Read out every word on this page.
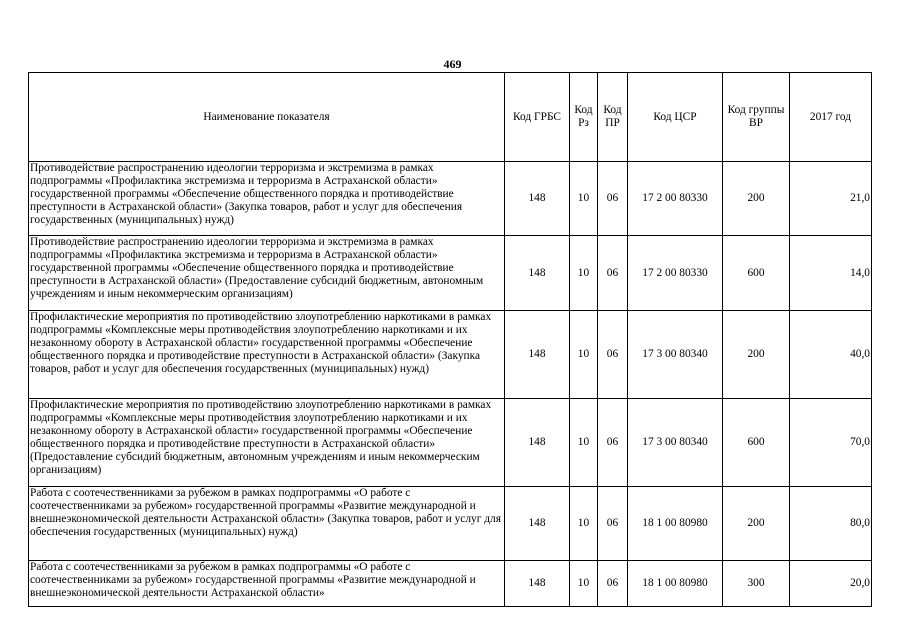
469
Наименование показателя	Код ГРБС	Код Рз	Код ПР	Код ЦСР	Код группы ВР	2017 год
Противодействие распространению идеологии терроризма и экстремизма в рамках подпрограммы «Профилактика экстремизма и терроризма в Астраханской области» государственной программы «Обеспечение общественного порядка и противодействие преступности в Астраханской области» (Закупка товаров, работ и услуг для обеспечения государственных (муниципальных) нужд)	148	10	06	17 2 00 80330	200	21,0
Противодействие распространению идеологии терроризма и экстремизма в рамках подпрограммы «Профилактика экстремизма и терроризма в Астраханской области» государственной программы «Обеспечение общественного порядка и противодействие преступности в Астраханской области» (Предоставление субсидий бюджетным, автономным учреждениям и иным некоммерческим организациям)	148	10	06	17 2 00 80330	600	14,0
Профилактические мероприятия по противодействию злоупотреблению наркотиками в рамках подпрограммы «Комплексные меры противодействия злоупотреблению наркотиками и их незаконному обороту в Астраханской области» государственной программы «Обеспечение общественного порядка и противодействие преступности в Астраханской области» (Закупка товаров, работ и услуг для обеспечения государственных (муниципальных) нужд)	148	10	06	17 3 00 80340	200	40,0
Профилактические мероприятия по противодействию злоупотреблению наркотиками в рамках подпрограммы «Комплексные меры противодействия злоупотреблению наркотиками и их незаконному обороту в Астраханской области» государственной программы «Обеспечение общественного порядка и противодействие преступности в Астраханской области» (Предоставление субсидий бюджетным, автономным учреждениям и иным некоммерческим организациям)	148	10	06	17 3 00 80340	600	70,0
Работа с соотечественниками за рубежом в рамках подпрограммы «О работе с соотечественниками за рубежом» государственной программы «Развитие международной и внешнеэкономической деятельности Астраханской области» (Закупка товаров, работ и услуг для обеспечения государственных (муниципальных) нужд)	148	10	06	18 1 00 80980	200	80,0
Работа с соотечественниками за рубежом в рамках подпрограммы «О работе с соотечественниками за рубежом» государственной программы «Развитие международной и внешнеэкономической деятельности Астраханской области»	148	10	06	18 1 00 80980	300	20,0
